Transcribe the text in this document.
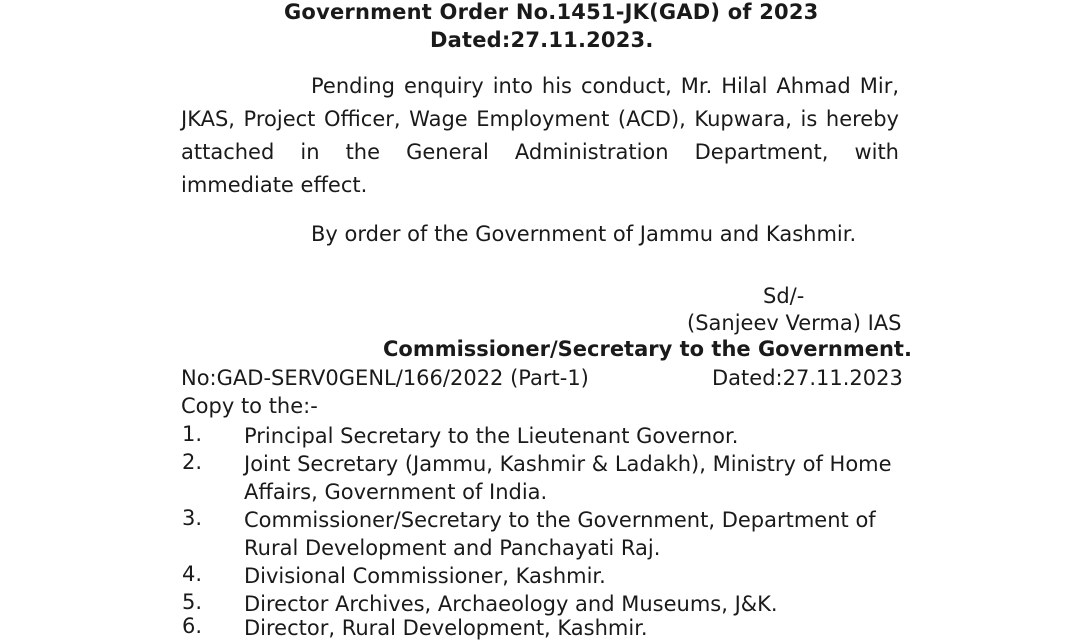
Government Order No.1451-JK(GAD) of 2023
Dated:27.11.2023.
Pending enquiry into his conduct, Mr. Hilal Ahmad Mir, JKAS, Project Officer, Wage Employment (ACD), Kupwara, is hereby attached in the General Administration Department, with immediate effect.
By order of the Government of Jammu and Kashmir.
Sd/-
(Sanjeev Verma) IAS
Commissioner/Secretary to the Government.
No:GAD-SERV0GENL/166/2022 (Part-1)	Dated:27.11.2023
Copy to the:-
1. Principal Secretary to the Lieutenant Governor.
2. Joint Secretary (Jammu, Kashmir & Ladakh), Ministry of Home Affairs, Government of India.
3. Commissioner/Secretary to the Government, Department of Rural Development and Panchayati Raj.
4. Divisional Commissioner, Kashmir.
5. Director Archives, Archaeology and Museums, J&K.
6. Director, Rural Development, Kashmir.
